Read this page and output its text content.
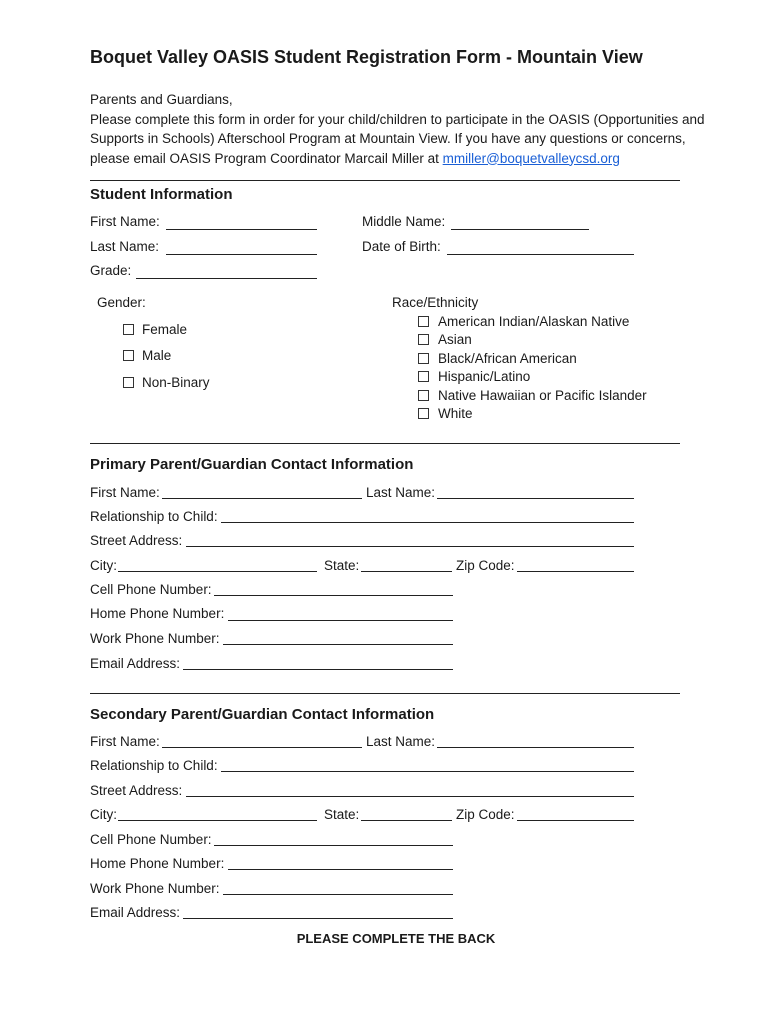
Boquet Valley OASIS Student Registration Form - Mountain View
Parents and Guardians,
Please complete this form in order for your child/children to participate in the OASIS (Opportunities and Supports in Schools) Afterschool Program at Mountain View. If you have any questions or concerns, please email OASIS Program Coordinator Marcail Miller at mmiller@boquetvalleycsd.org
Student Information
First Name:	Middle Name:
Last Name:	Date of Birth:
Grade:
Gender:
Female
Male
Non-Binary
Race/Ethnicity
American Indian/Alaskan Native
Asian
Black/African American
Hispanic/Latino
Native Hawaiian or Pacific Islander
White
Primary Parent/Guardian Contact Information
First Name:	Last Name:
Relationship to Child:
Street Address:
City:	State:	Zip Code:
Cell Phone Number:
Home Phone Number:
Work Phone Number:
Email Address:
Secondary Parent/Guardian Contact Information
First Name:	Last Name:
Relationship to Child:
Street Address:
City:	State:	Zip Code:
Cell Phone Number:
Home Phone Number:
Work Phone Number:
Email Address:
PLEASE COMPLETE THE BACK
